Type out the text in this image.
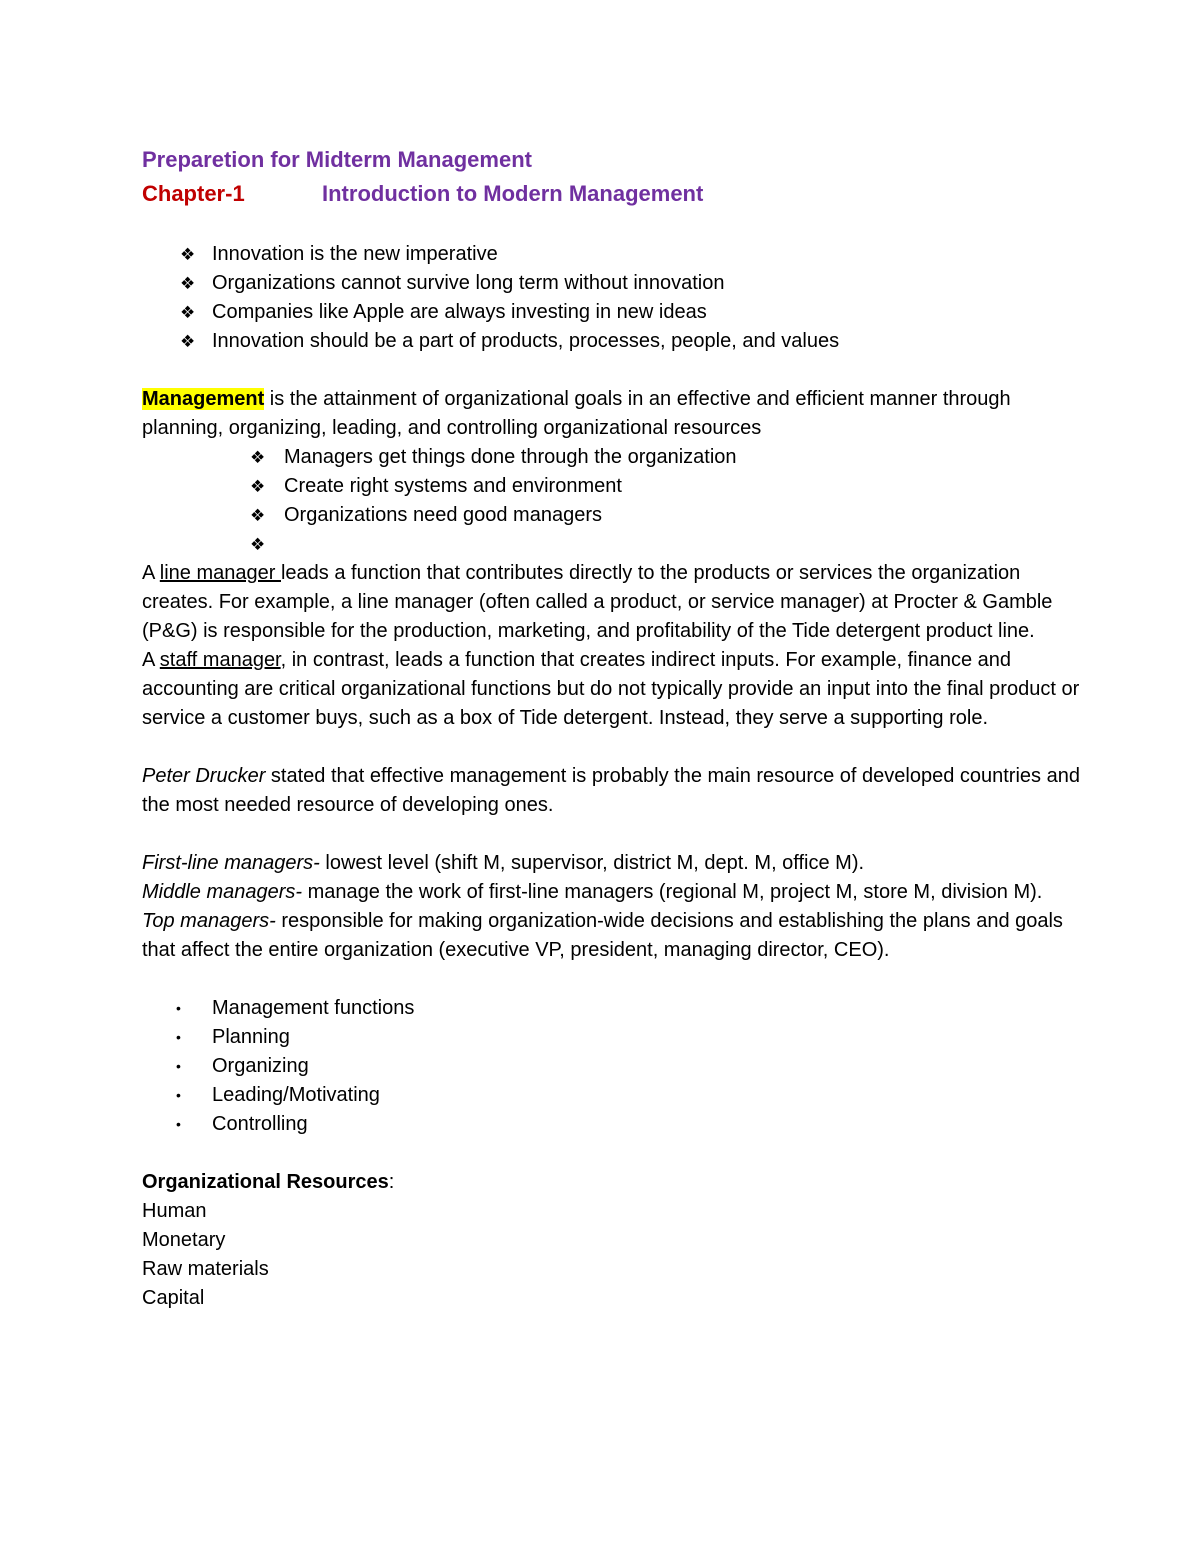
Prepareti​on for Midterm Management
Chapter-1	Introduction to Modern Management
❖ Innovation is the new imperative
❖ Organizations cannot survive long term without innovation
❖ Companies like Apple are always investing in new ideas
❖ Innovation should be a part of products, processes, people, and values

Management is the attainment of organizational goals in an effective and efficient manner through planning, organizing, leading, and controlling organizational resources

❖ Managers get things done through the organization
❖ Create right systems and environment
❖ Organizations need good managers
❖

A line manager leads a function that contributes directly to the products or services the organization creates. For example, a line manager (often called a product, or service manager) at Procter & Gamble (P&G) is responsible for the production, marketing, and profitability of the Tide detergent product line.

A staff manager, in contrast, leads a function that creates indirect inputs. For example, finance and accounting are critical organizational functions but do not typically provide an input into the final product or service a customer buys, such as a box of Tide detergent. Instead, they serve a supporting role.

Peter Drucker stated that effective management is probably the main resource of developed countries and the most needed resource of developing ones.

First-line managers- lowest level (shift M, supervisor, district M, dept. M, office M).

Middle managers- manage the work of first-line managers (regional M, project M, store M, division M).

Top managers- responsible for making organization-wide decisions and establishing the plans and goals that affect the entire organization (executive VP, president, managing director, CEO).

• Management functions
• Planning
• Organizing
• Leading/Motivating
• Controlling

Organizational Resources:

Human

Monetary

Raw materials

Capital
